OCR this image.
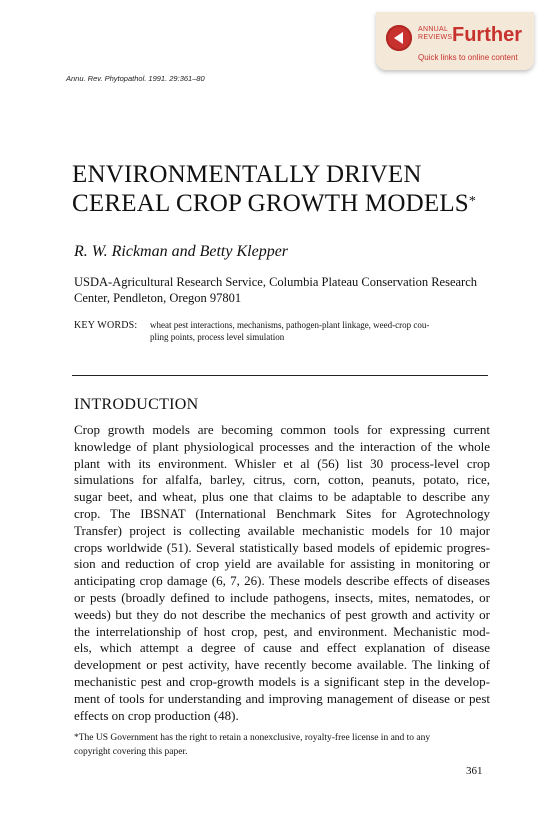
ANNUAL
REVIEWS Further
Quick links to online content
Annu. Rev. Phytopathol. 1991. 29:361–80
ENVIRONMENTALLY DRIVEN
CEREAL CROP GROWTH MODELS*
R. W. Rickman and Betty Klepper
USDA-Agricultural Research Service, Columbia Plateau Conservation Research
Center, Pendleton, Oregon 97801
KEY WORDS: wheat pest interactions, mechanisms, pathogen-plant linkage, weed-crop cou-
pling points, process level simulation
INTRODUCTION
Crop growth models are becoming common tools for expressing current
knowledge of plant physiological processes and the interaction of the whole
plant with its environment. Whisler et al (56) list 30 process-level crop
simulations for alfalfa, barley, citrus, corn, cotton, peanuts, potato, rice,
sugar beet, and wheat, plus one that claims to be adaptable to describe any
crop. The IBSNAT (International Benchmark Sites for Agrotechnology
Transfer) project is collecting available mechanistic models for 10 major
crops worldwide (51). Several statistically based models of epidemic progres-
sion and reduction of crop yield are available for assisting in monitoring or
anticipating crop damage (6, 7, 26). These models describe effects of diseases
or pests (broadly defined to include pathogens, insects, mites, nematodes, or
weeds) but they do not describe the mechanics of pest growth and activity or
the interrelationship of host crop, pest, and environment. Mechanistic mod-
els, which attempt a degree of cause and effect explanation of disease
development or pest activity, have recently become available. The linking of
mechanistic pest and crop-growth models is a significant step in the develop-
ment of tools for understanding and improving management of disease or pest
effects on crop production (48).
*The US Government has the right to retain a nonexclusive, royalty-free license in and to any
copyright covering this paper.
361
